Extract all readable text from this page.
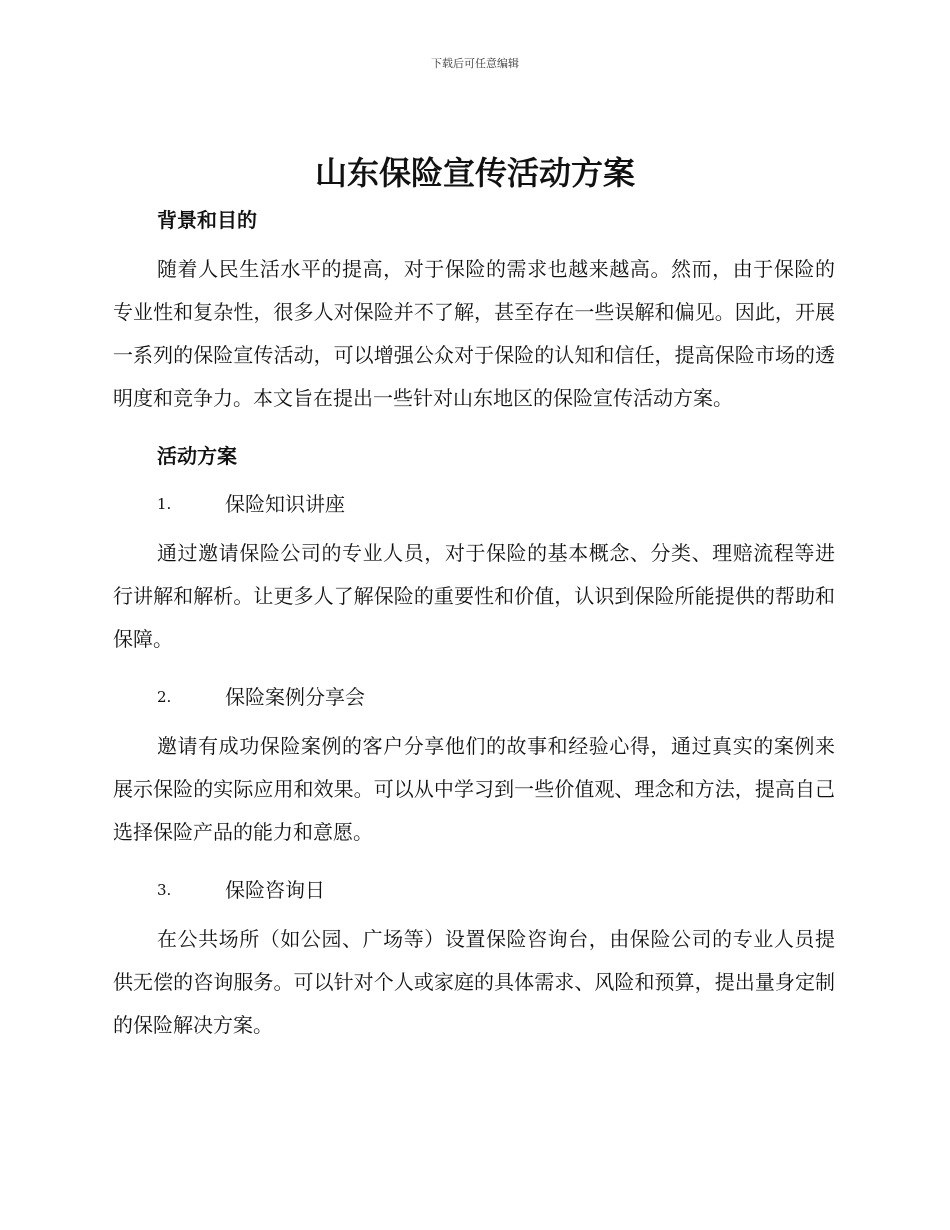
下载后可任意编辑
山东保险宣传活动方案
背景和目的

随着人民生活水平的提高，对于保险的需求也越来越高。然而，由于保险的专业性和复杂性，很多人对保险并不了解，甚至存在一些误解和偏见。因此，开展一系列的保险宣传活动，可以增强公众对于保险的认知和信任，提高保险市场的透明度和竞争力。本文旨在提出一些针对山东地区的保险宣传活动方案。

活动方案
1.	保险知识讲座

通过邀请保险公司的专业人员，对于保险的基本概念、分类、理赔流程等进行讲解和解析。让更多人了解保险的重要性和价值，认识到保险所能提供的帮助和保障。

2.	保险案例分享会

邀请有成功保险案例的客户分享他们的故事和经验心得，通过真实的案例来展示保险的实际应用和效果。可以从中学习到一些价值观、理念和方法，提高自己选择保险产品的能力和意愿。

3.	保险咨询日

在公共场所（如公园、广场等）设置保险咨询台，由保险公司的专业人员提供无偿的咨询服务。可以针对个人或家庭的具体需求、风险和预算，提出量身定制的保险解决方案。
